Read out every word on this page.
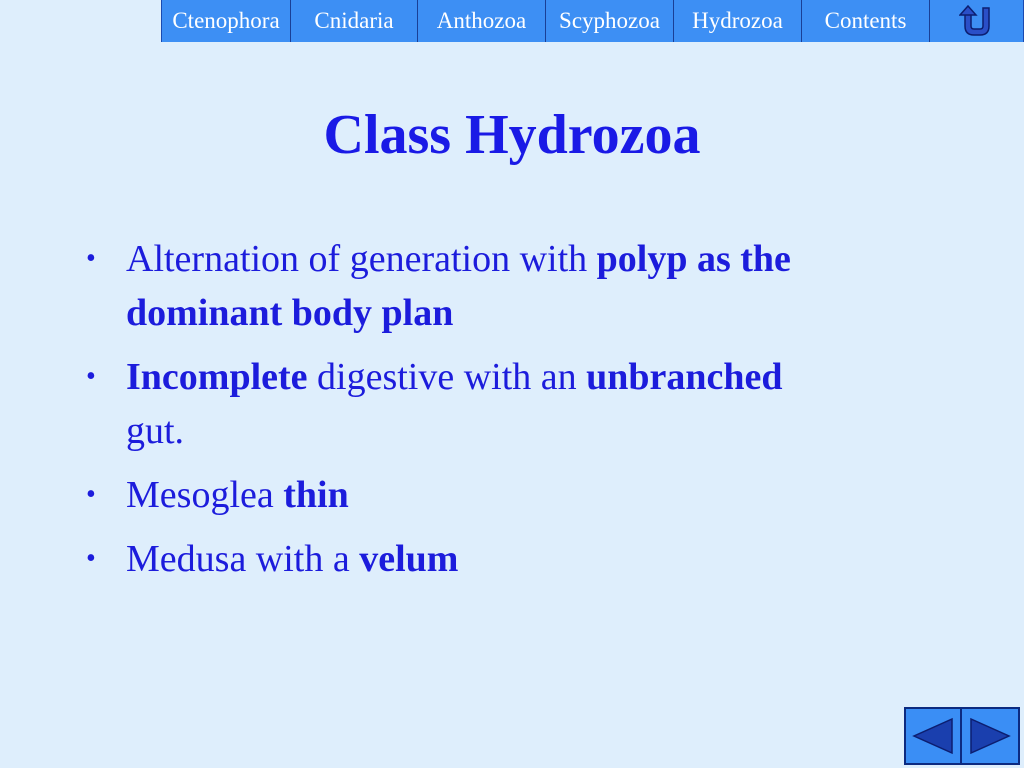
Ctenophora Cnidaria Anthozoa Scyphozoa Hydrozoa Contents
Class Hydrozoa
• Alternation of generation with polyp as the dominant body plan
• Incomplete digestive with an unbranched
gut.
• Mesoglea thin
• Medusa with a velum
